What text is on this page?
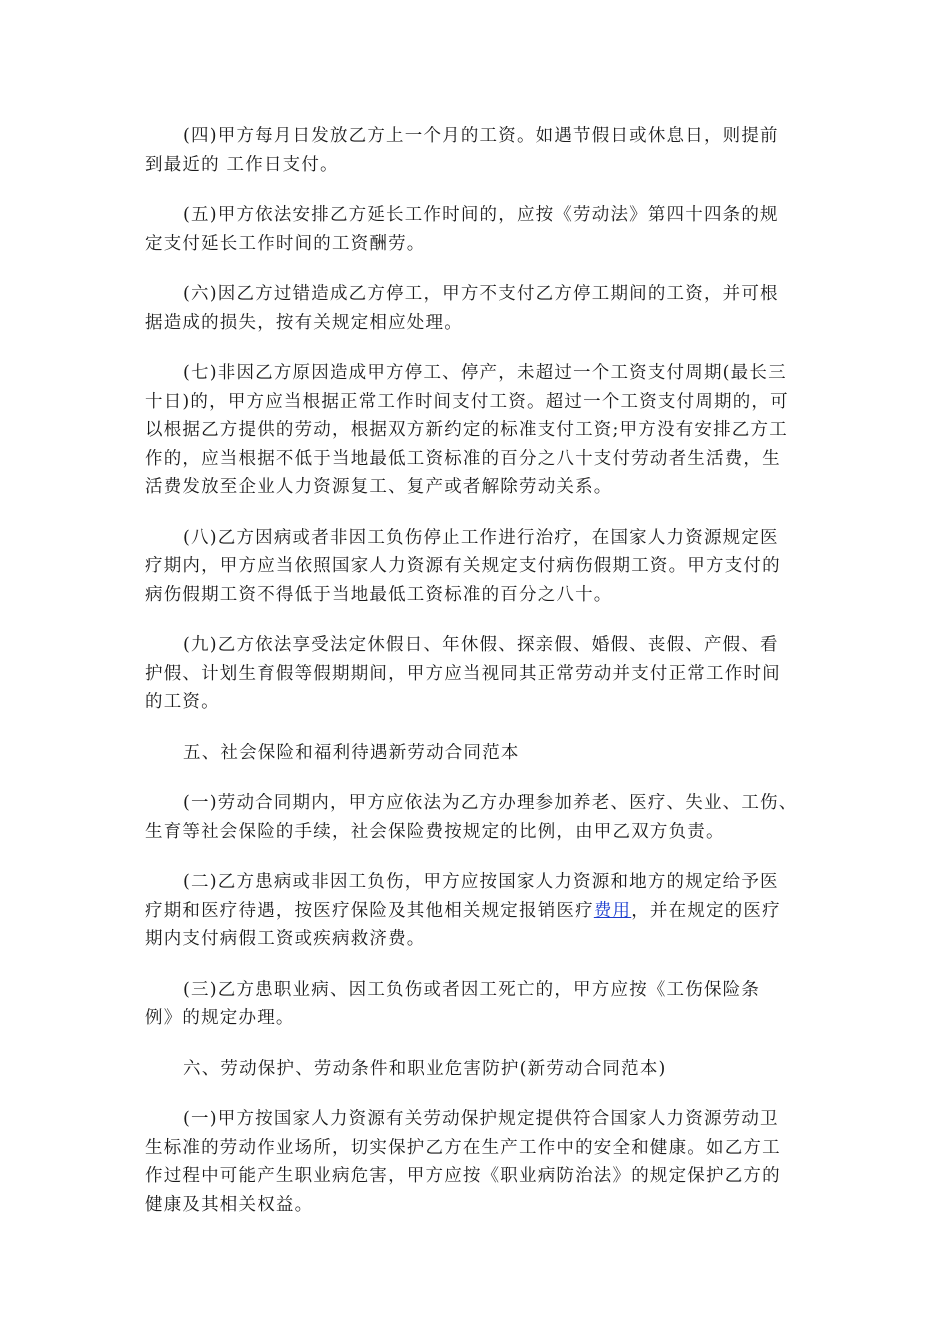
(四)甲方每月日发放乙方上一个月的工资。如遇节假日或休息日，则提前
到最近的 工作日支付。

(五)甲方依法安排乙方延长工作时间的，应按《劳动法》第四十四条的规
定支付延长工作时间的工资酬劳。

(六)因乙方过错造成乙方停工，甲方不支付乙方停工期间的工资，并可根
据造成的损失，按有关规定相应处理。

(七)非因乙方原因造成甲方停工、停产，未超过一个工资支付周期(最长三
十日)的，甲方应当根据正常工作时间支付工资。超过一个工资支付周期的，可
以根据乙方提供的劳动，根据双方新约定的标准支付工资;甲方没有安排乙方工
作的，应当根据不低于当地最低工资标准的百分之八十支付劳动者生活费，生
活费发放至企业人力资源复工、复产或者解除劳动关系。

(八)乙方因病或者非因工负伤停止工作进行治疗，在国家人力资源规定医
疗期内，甲方应当依照国家人力资源有关规定支付病伤假期工资。甲方支付的
病伤假期工资不得低于当地最低工资标准的百分之八十。

(九)乙方依法享受法定休假日、年休假、探亲假、婚假、丧假、产假、看
护假、计划生育假等假期期间，甲方应当视同其正常劳动并支付正常工作时间
的工资。

五、社会保险和福利待遇新劳动合同范本

(一)劳动合同期内，甲方应依法为乙方办理参加养老、医疗、失业、工伤、
生育等社会保险的手续，社会保险费按规定的比例，由甲乙双方负责。

(二)乙方患病或非因工负伤，甲方应按国家人力资源和地方的规定给予医
疗期和医疗待遇，按医疗保险及其他相关规定报销医疗费用，并在规定的医疗
期内支付病假工资或疾病救济费。

(三)乙方患职业病、因工负伤或者因工死亡的，甲方应按《工伤保险条
例》的规定办理。

六、劳动保护、劳动条件和职业危害防护(新劳动合同范本)

(一)甲方按国家人力资源有关劳动保护规定提供符合国家人力资源劳动卫
生标准的劳动作业场所，切实保护乙方在生产工作中的安全和健康。如乙方工
作过程中可能产生职业病危害，甲方应按《职业病防治法》的规定保护乙方的
健康及其相关权益。
